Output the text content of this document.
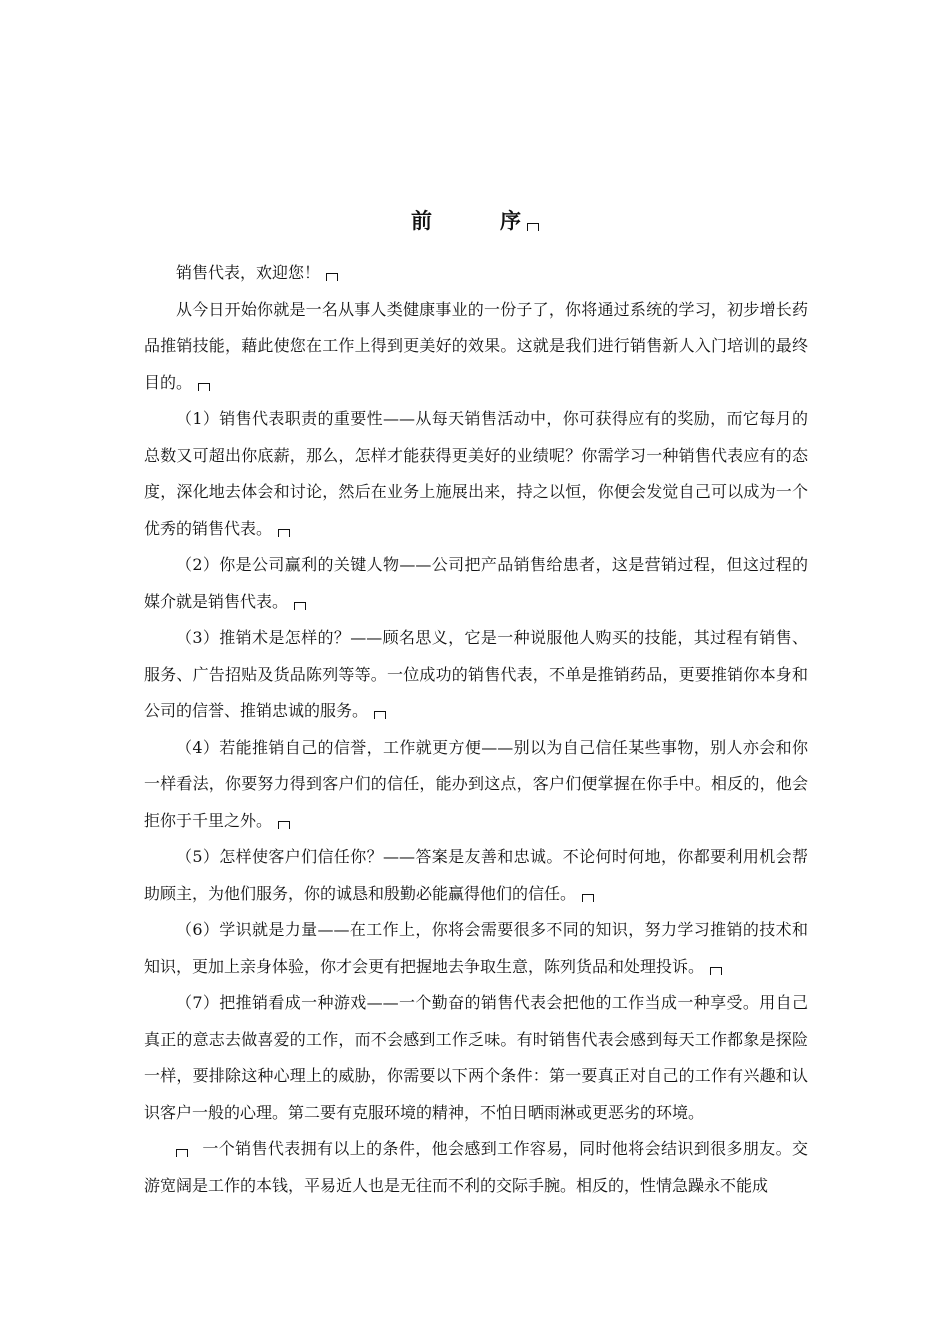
前	序

销售代表，欢迎您！

从今日开始你就是一名从事人类健康事业的一份子了，你将通过系统的学习，初步增长药品推销技能，藉此使您在工作上得到更美好的效果。这就是我们进行销售新人入门培训的最终目的。

（1）销售代表职责的重要性——从每天销售活动中，你可获得应有的奖励，而它每月的总数又可超出你底薪，那么，怎样才能获得更美好的业绩呢？你需学习一种销售代表应有的态度，深化地去体会和讨论，然后在业务上施展出来，持之以恒，你便会发觉自己可以成为一个优秀的销售代表。

（2）你是公司赢利的关键人物——公司把产品销售给患者，这是营销过程，但这过程的媒介就是销售代表。

（3）推销术是怎样的？——顾名思义，它是一种说服他人购买的技能，其过程有销售、服务、广告招贴及货品陈列等等。一位成功的销售代表，不单是推销药品，更要推销你本身和公司的信誉、推销忠诚的服务。

（4）若能推销自己的信誉，工作就更方便——别以为自己信任某些事物，别人亦会和你一样看法，你要努力得到客户们的信任，能办到这点，客户们便掌握在你手中。相反的，他会拒你于千里之外。

（5）怎样使客户们信任你？——答案是友善和忠诚。不论何时何地，你都要利用机会帮助顾主，为他们服务，你的诚恳和殷勤必能赢得他们的信任。

（6）学识就是力量——在工作上，你将会需要很多不同的知识，努力学习推销的技术和知识，更加上亲身体验，你才会更有把握地去争取生意，陈列货品和处理投诉。

（7）把推销看成一种游戏——一个勤奋的销售代表会把他的工作当成一种享受。用自己真正的意志去做喜爱的工作，而不会感到工作乏味。有时销售代表会感到每天工作都象是探险一样，要排除这种心理上的威胁，你需要以下两个条件：第一要真正对自己的工作有兴趣和认识客户一般的心理。第二要有克服环境的精神，不怕日晒雨淋或更恶劣的环境。

一个销售代表拥有以上的条件，他会感到工作容易，同时他将会结识到很多朋友。交游宽阔是工作的本钱，平易近人也是无往而不利的交际手腕。相反的，性情急躁永不能成
